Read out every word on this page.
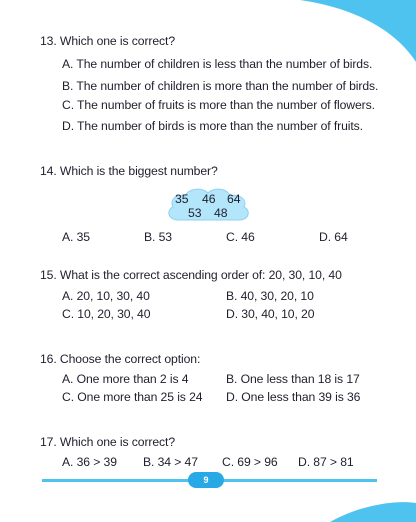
13. Which one is correct?
A. The number of children is less than the number of birds.
B. The number of children is more than the number of birds.
C. The number of fruits is more than the number of flowers.
D. The number of birds is more than the number of fruits.
14. Which is the biggest number?
35 46 64
53 48
A. 35	B. 53	C. 46	D. 64
15. What is the correct ascending order of: 20, 30, 10, 40
A. 20, 10, 30, 40	B. 40, 30, 20, 10
C. 10, 20, 30, 40	D. 30, 40, 10, 20
16. Choose the correct option:
A. One more than 2 is 4	B. One less than 18 is 17
C. One more than 25 is 24 D. One less than 39 is 36
17. Which one is correct?
A. 36 > 39 B. 34 > 47 C. 69 > 96 D. 87 > 81
9
